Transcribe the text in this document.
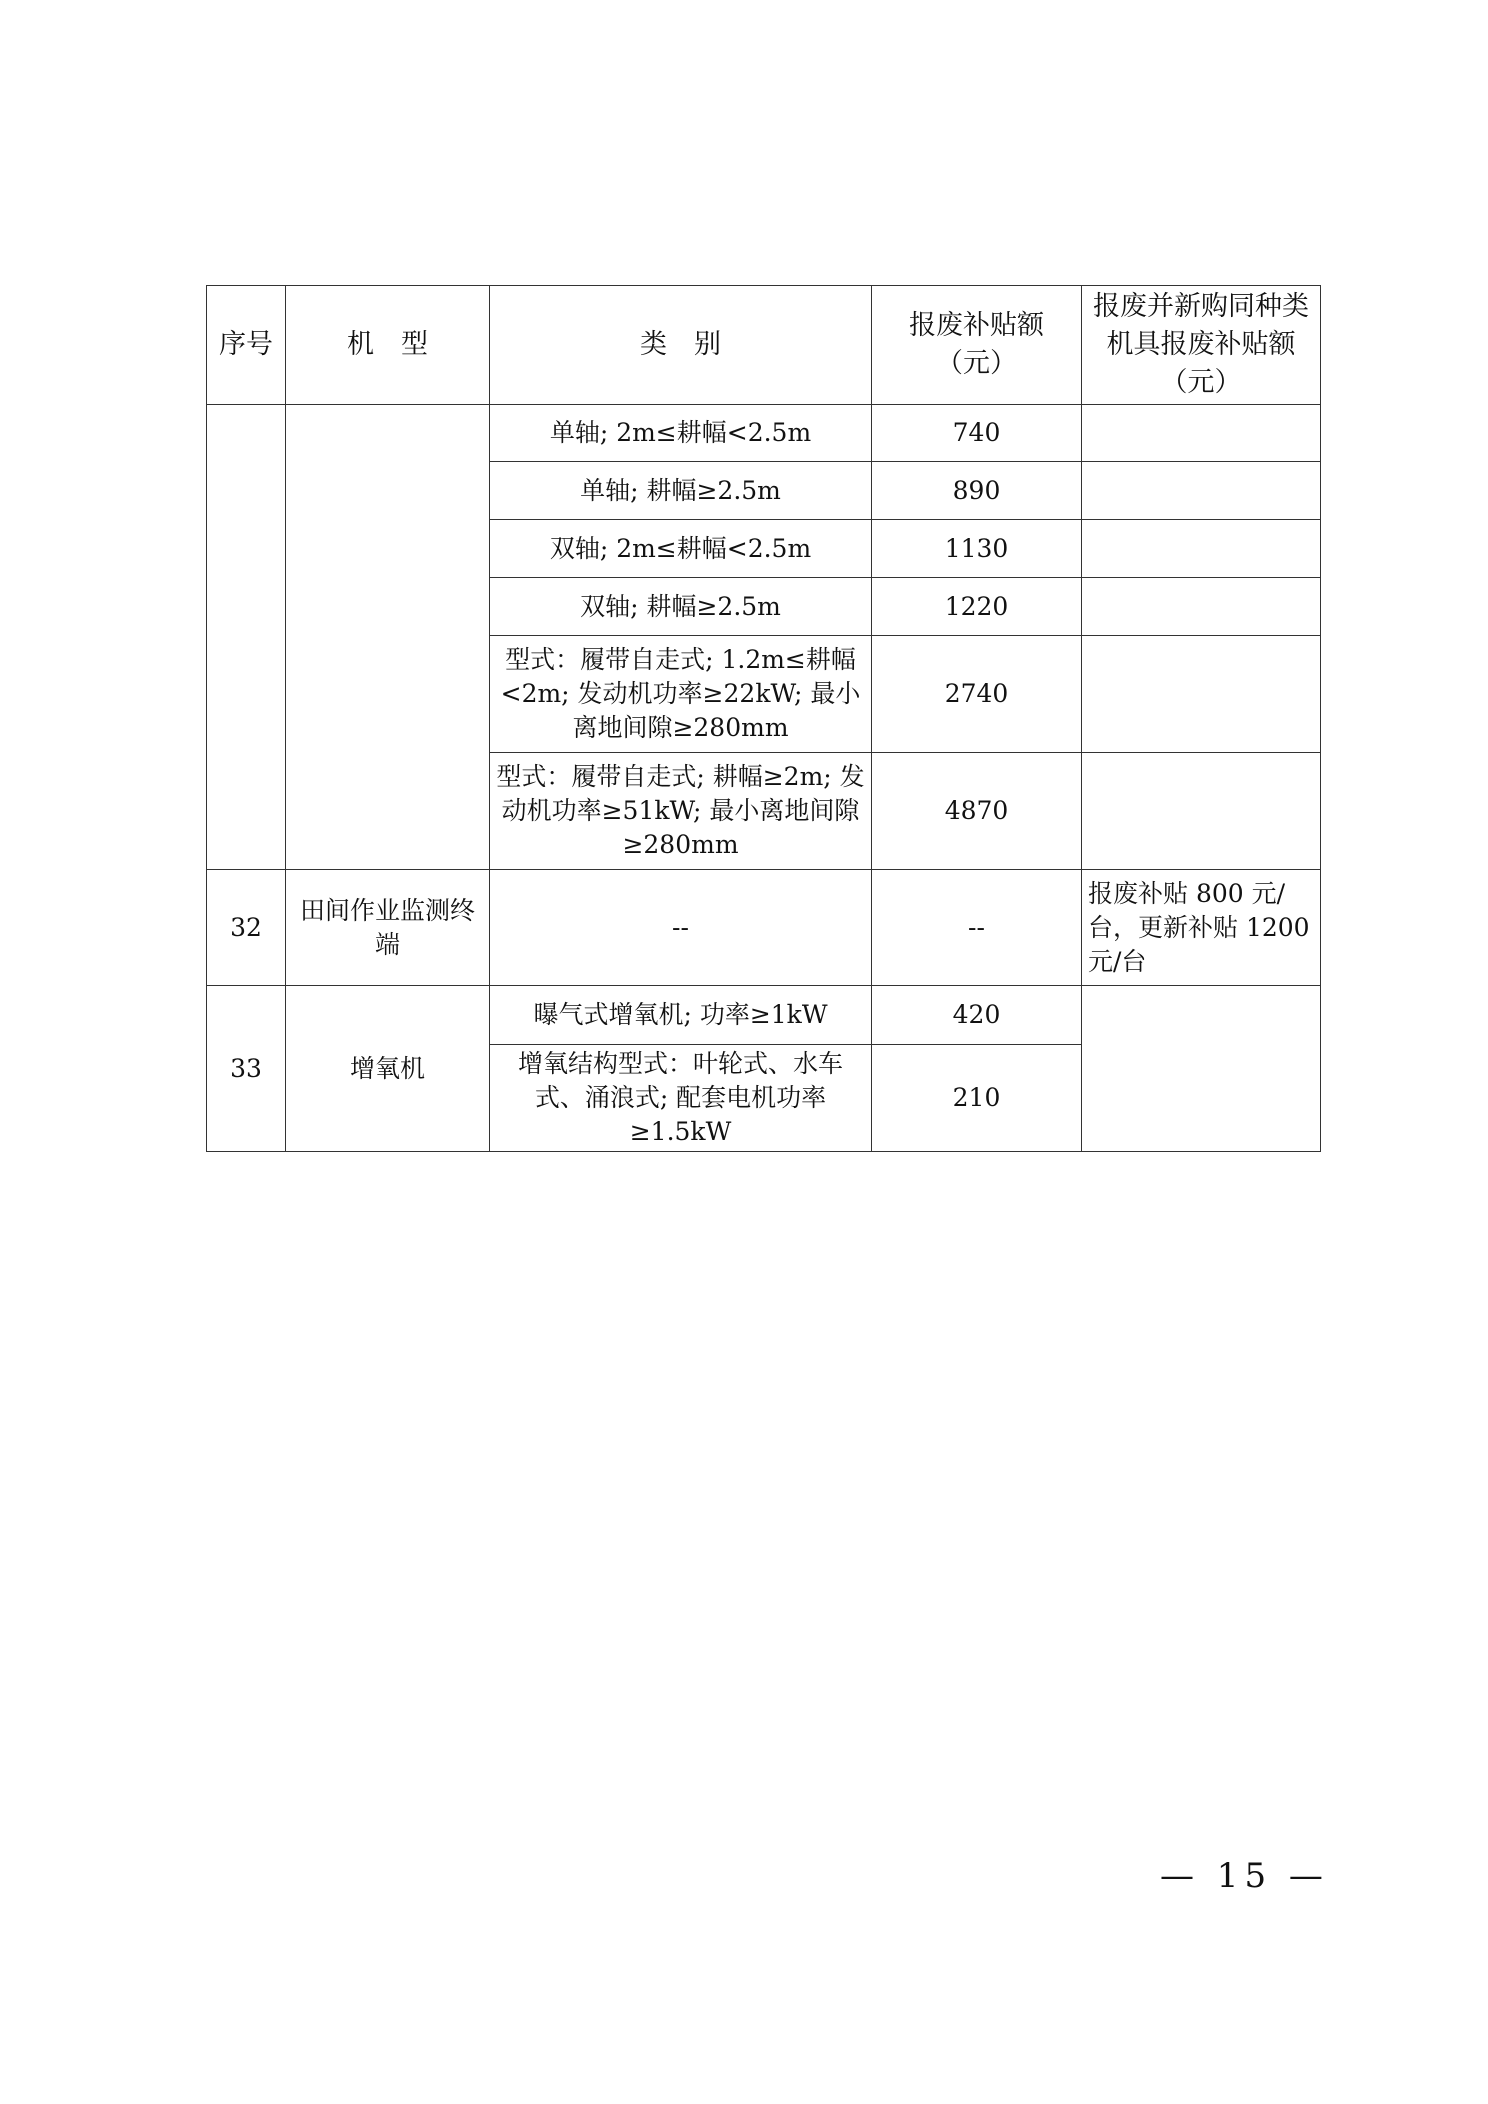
序号	机　型	类　别	报废补贴额（元）	报废并新购同种类机具报废补贴额（元）
		单轴; 2m≤耕幅<2.5m	740	
		单轴; 耕幅≥2.5m	890	
		双轴; 2m≤耕幅<2.5m	1130	
		双轴; 耕幅≥2.5m	1220	
		型式：履带自走式; 1.2m≤耕幅<2m; 发动机功率≥22kW; 最小离地间隙≥280mm	2740	
		型式：履带自走式; 耕幅≥2m; 发动机功率≥51kW; 最小离地间隙≥280mm	4870	
32	田间作业监测终端	--	--	报废补贴 800 元/台，更新补贴 1200 元/台
33	增氧机	曝气式增氧机; 功率≥1kW	420	
		增氧结构型式：叶轮式、水车式、涌浪式; 配套电机功率≥1.5kW	210	
— 15 —
